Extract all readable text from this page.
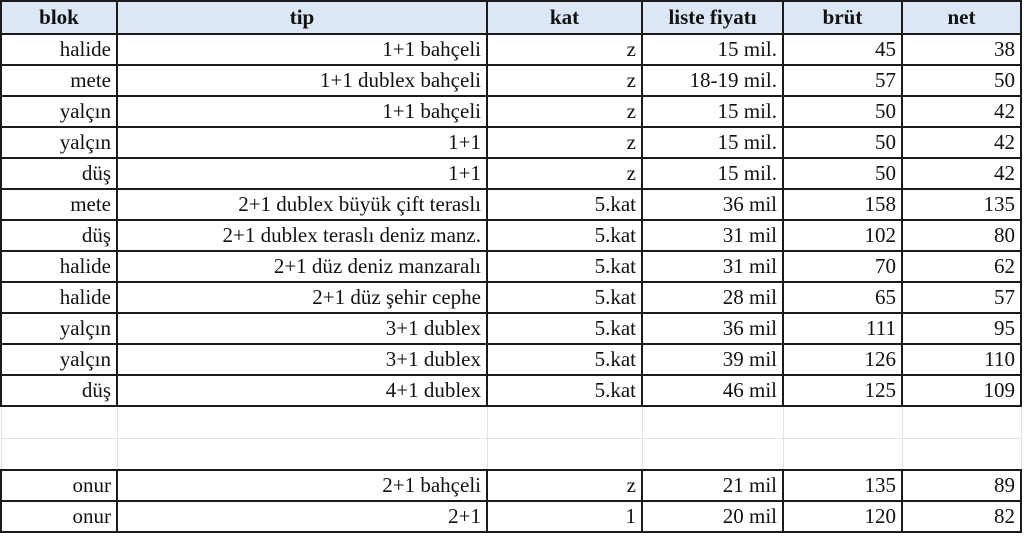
blok	tip	kat	liste fiyatı	brüt	net
halide	1+1 bahçeli	z	15 mil.	45	38
mete	1+1 dublex bahçeli	z	18-19 mil.	57	50
yalçın	1+1 bahçeli	z	15 mil.	50	42
yalçın	1+1	z	15 mil.	50	42
düş	1+1	z	15 mil.	50	42
mete	2+1 dublex büyük çift teraslı	5.kat	36 mil	158	135
düş	2+1 dublex teraslı deniz manz.	5.kat	31 mil	102	80
halide	2+1 düz deniz manzaralı	5.kat	31 mil	70	62
halide	2+1 düz şehir cephe	5.kat	28 mil	65	57
yalçın	3+1 dublex	5.kat	36 mil	111	95
yalçın	3+1 dublex	5.kat	39 mil	126	110
düş	4+1 dublex	5.kat	46 mil	125	109

onur	2+1 bahçeli	z	21 mil	135	89
onur	2+1	1	20 mil	120	82
